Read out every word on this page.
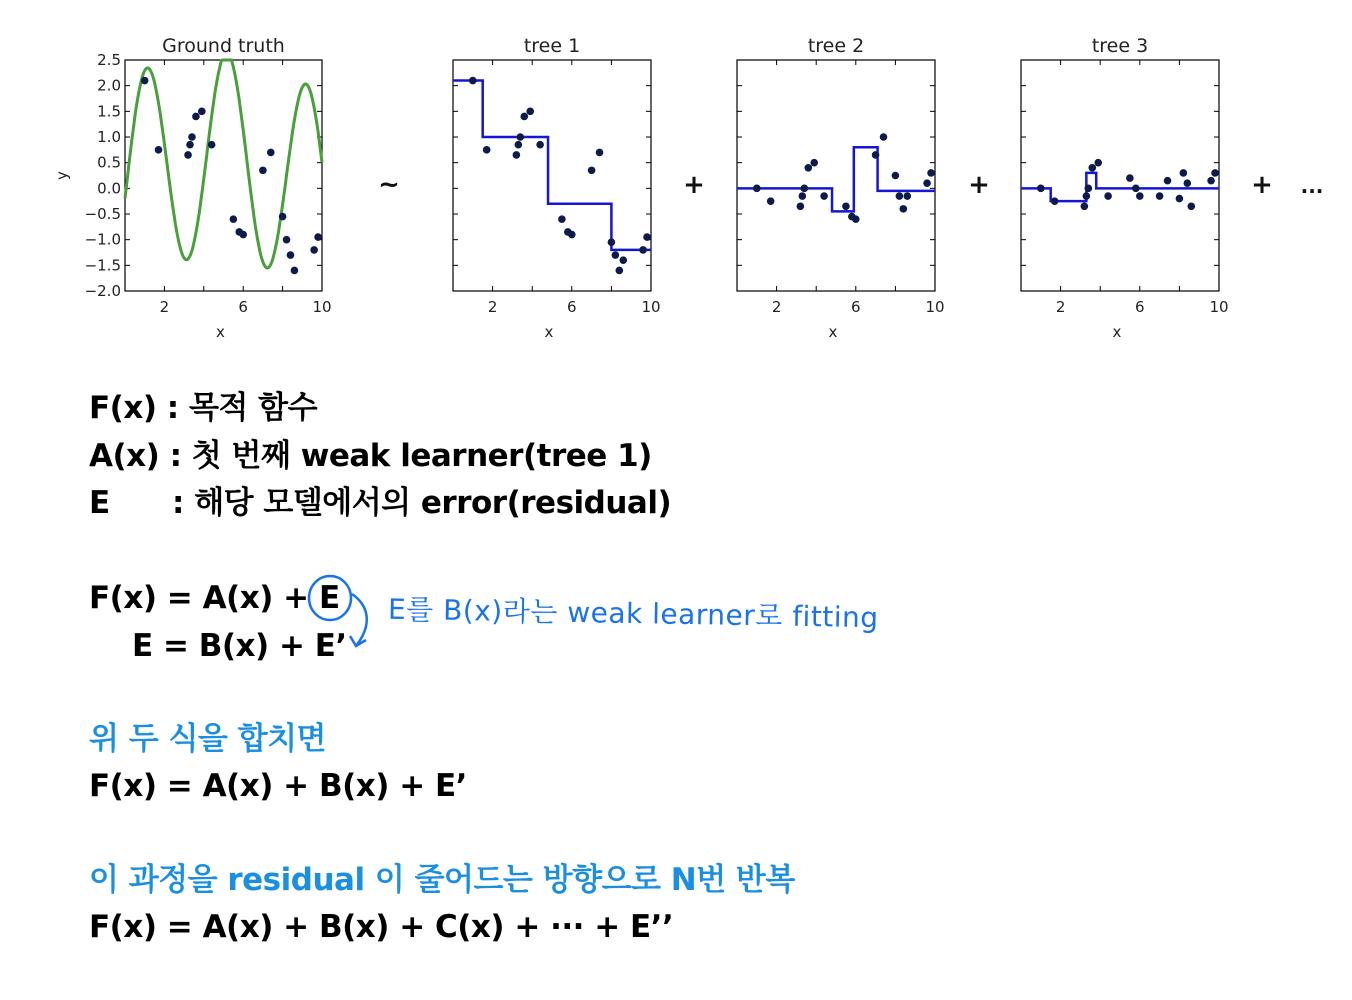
Ground truth
2	6	10
2.5
2.0
1.5
1.0
0.5
0.0
−0.5
−1.0
−1.5
−2.0
x
y
tree 1
2	6	10
x
tree 2
2	6	10
x
tree 3
2	6	10
x
~	+	+	+ ···
F(x) : 목적 함수
A(x) : 첫 번째 weak learner(tree 1)
E : 해당 모델에서의 error(residual)
F(x) = A(x) + E
E = B(x) + E’
E를 B(x)라는 weak learner로 fitting
위 두 식을 합치면
F(x) = A(x) + B(x) + E’
이 과정을 residual 이 줄어드는 방향으로 N번 반복
F(x) = A(x) + B(x) + C(x) + ··· + E’’
